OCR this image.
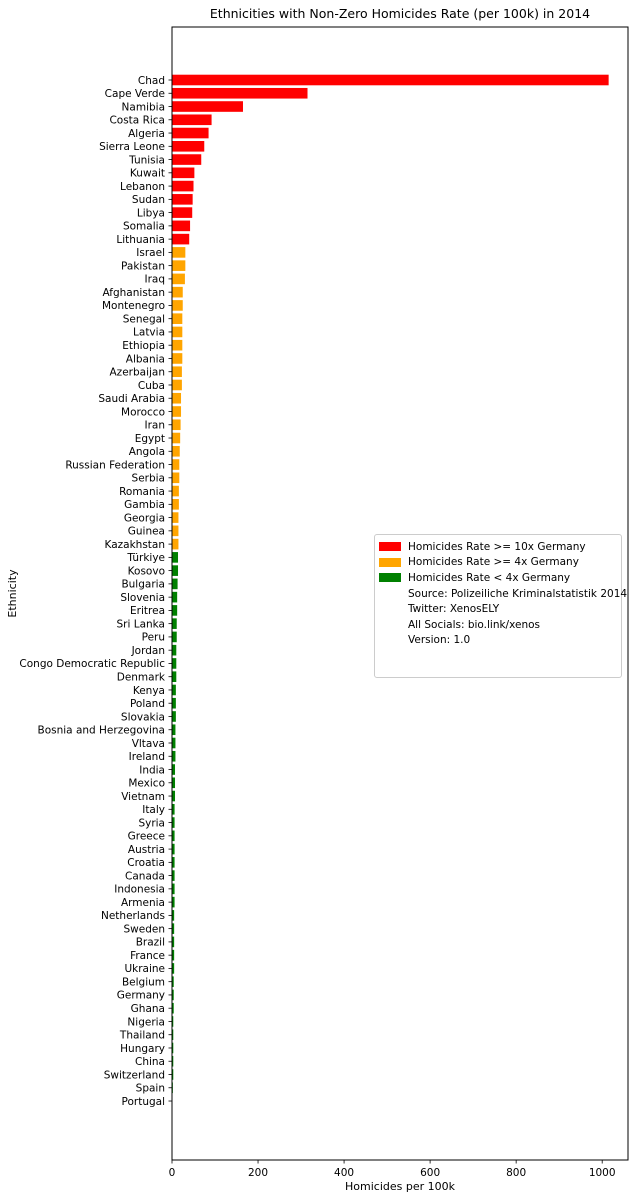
Ethnicities with Non-Zero Homicides Rate (per 100k) in 2014
Chad
Cape Verde
Namibia
Costa Rica
Algeria
Sierra Leone
Tunisia
Kuwait
Lebanon
Sudan
Libya
Somalia
Lithuania
Israel
Pakistan
Iraq
Afghanistan
Montenegro
Senegal
Latvia
Ethiopia
Albania
Azerbaijan
Cuba
Saudi Arabia
Morocco
Iran
Egypt
Angola
Russian Federation
Serbia
Romania
Gambia
Georgia
Guinea
Kazakhstan
Türkiye
Kosovo
Bulgaria
Slovenia
Eritrea
Sri Lanka
Peru
Jordan
Congo Democratic Republic
Denmark
Kenya
Poland
Slovakia
Bosnia and Herzegovina
Vltava
Ireland
India
Mexico
Vietnam
Italy
Syria
Greece
Austria
Croatia
Canada
Indonesia
Armenia
Netherlands
Sweden
Brazil
France
Ukraine
Belgium
Germany
Ghana
Nigeria
Thailand
Hungary
China
Switzerland
Spain
Portugal
0	200	400	600	800	1000
Homicides per 100k
Ethnicity
Homicides Rate >= 10x Germany
Homicides Rate >= 4x Germany
Homicides Rate < 4x Germany
Source: Polizeiliche Kriminalstatistik 2014
Twitter: XenosELY
All Socials: bio.link/xenos
Version: 1.0
